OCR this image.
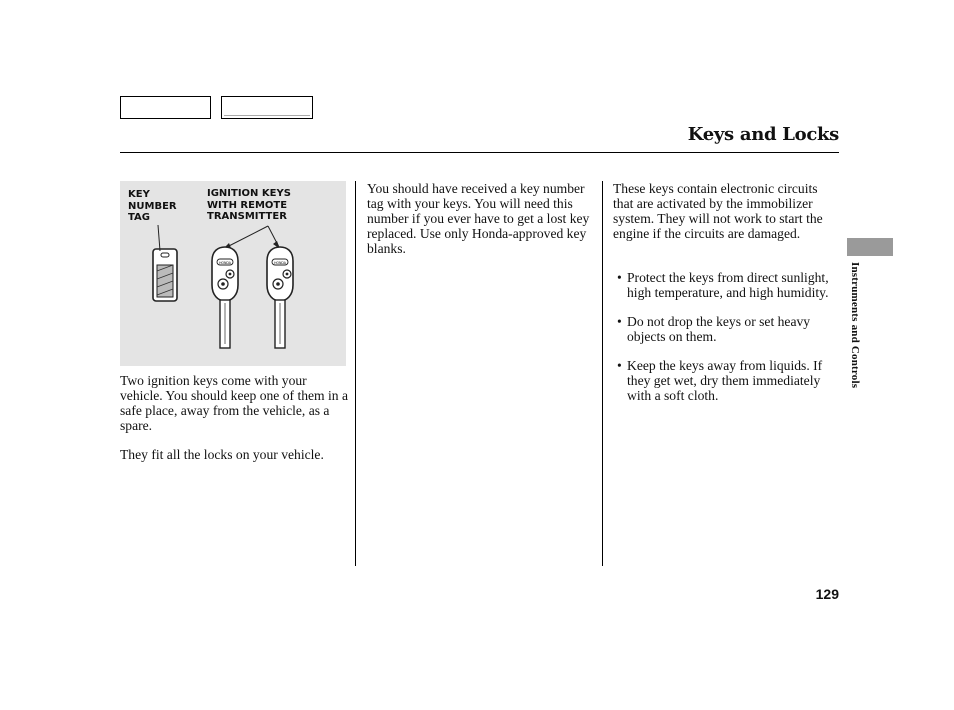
Keys and Locks
HONDA	HONDA
KEY
NUMBER
TAG
IGNITION KEYS
WITH REMOTE
TRANSMITTER

Two ignition keys come with your vehicle. You should keep one of them in a safe place, away from the vehicle, as a spare.

They fit all the locks on your vehicle.

You should have received a key number tag with your keys. You will need this number if you ever have to get a lost key replaced. Use only Honda-approved key blanks.

These keys contain electronic circuits that are activated by the immobilizer system. They will not work to start the engine if the circuits are damaged.

• Protect the keys from direct sunlight, high temperature, and high humidity.
• Do not drop the keys or set heavy objects on them.
• Keep the keys away from liquids. If they get wet, dry them immediately with a soft cloth.
Instruments and Controls
129
